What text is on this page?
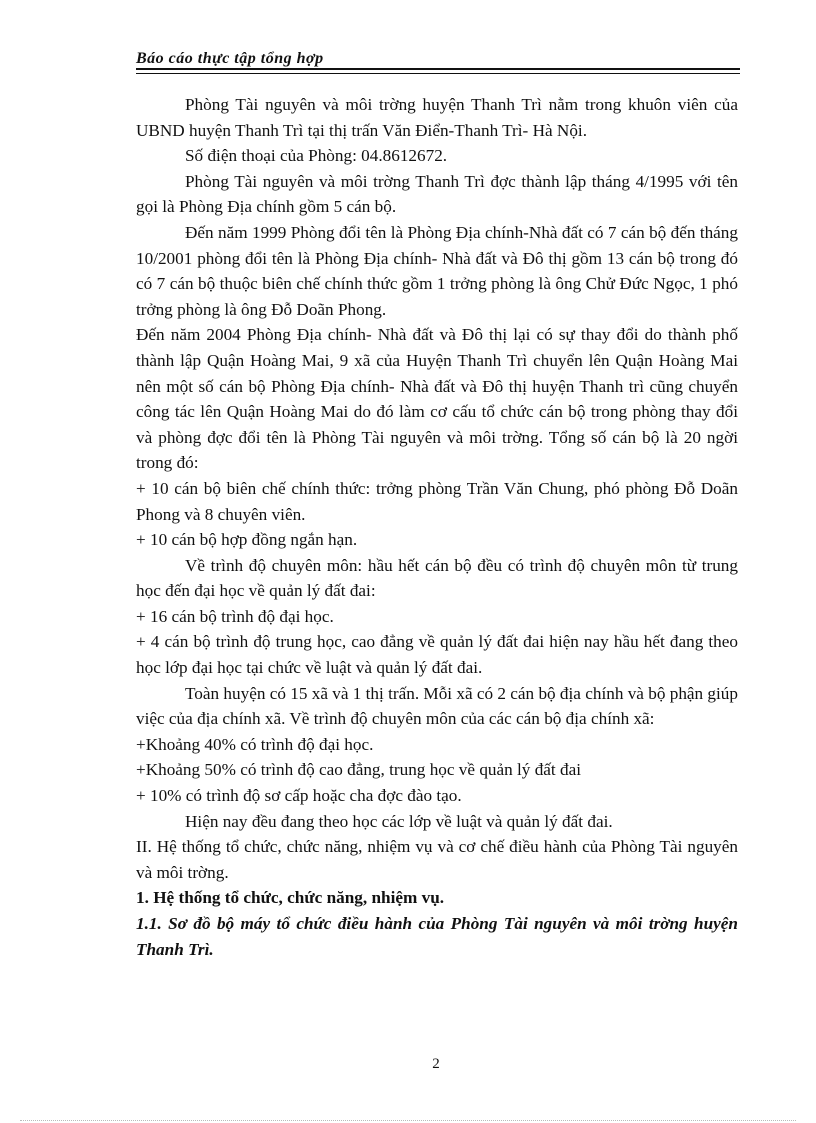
Báo cáo thực tập tổng hợp

Phòng Tài nguyên và môi trờng huyện Thanh Trì nằm trong khuôn viên của UBND huyện Thanh Trì tại thị trấn Văn Điển-Thanh Trì- Hà Nội.

Số điện thoại của Phòng: 04.8612672.

Phòng Tài nguyên và môi trờng Thanh Trì đợc thành lập tháng 4/1995 với tên gọi là Phòng Địa chính gồm 5 cán bộ.

Đến năm 1999 Phòng đổi tên là Phòng Địa chính-Nhà đất có 7 cán bộ đến tháng 10/2001 phòng đổi tên là Phòng Địa chính- Nhà đất và Đô thị gồm 13 cán bộ trong đó có 7 cán bộ thuộc biên chế chính thức gồm 1 trởng phòng là ông Chử Đức Ngọc, 1 phó trởng phòng là ông Đỗ Doãn Phong.

Đến năm 2004 Phòng Địa chính- Nhà đất và Đô thị lại có sự thay đổi do thành phố thành lập Quận Hoàng Mai, 9 xã của Huyện Thanh Trì chuyển lên Quận Hoàng Mai nên một số cán bộ Phòng Địa chính- Nhà đất và Đô thị huyện Thanh trì cũng chuyển công tác lên Quận Hoàng Mai do đó làm cơ cấu tổ chức cán bộ trong phòng thay đổi và phòng đợc đổi tên là Phòng Tài nguyên và môi trờng. Tổng số cán bộ là 20 ngời trong đó:

+ 10 cán bộ biên chế chính thức: trởng phòng Trần Văn Chung, phó phòng Đỗ Doãn Phong và 8 chuyên viên.

+ 10 cán bộ hợp đồng ngắn hạn.

Về trình độ chuyên môn: hầu hết cán bộ đều có trình độ chuyên môn từ trung học đến đại học về quản lý đất đai:

+ 16 cán bộ trình độ đại học.

+ 4 cán bộ trình độ trung học, cao đẳng về quản lý đất đai hiện nay hầu hết đang theo học lớp đại học tại chức về luật và quản lý đất đai.

Toàn huyện có 15 xã và 1 thị trấn. Mỗi xã có 2 cán bộ địa chính và bộ phận giúp việc của địa chính xã. Về trình độ chuyên môn của các cán bộ địa chính xã:

+Khoảng 40% có trình độ đại học.

+Khoảng 50% có trình độ cao đẳng, trung học về quản lý đất đai

+ 10% có trình độ sơ cấp hoặc cha đợc đào tạo.

Hiện nay đều đang theo học các lớp về luật và quản lý đất đai.

II. Hệ thống tổ chức, chức năng, nhiệm vụ và cơ chế điều hành của Phòng Tài nguyên và môi trờng.

1. Hệ thống tổ chức, chức năng, nhiệm vụ.

1.1. Sơ đồ bộ máy tổ chức điều hành của Phòng Tài nguyên và môi trờng huyện Thanh Trì.

2
